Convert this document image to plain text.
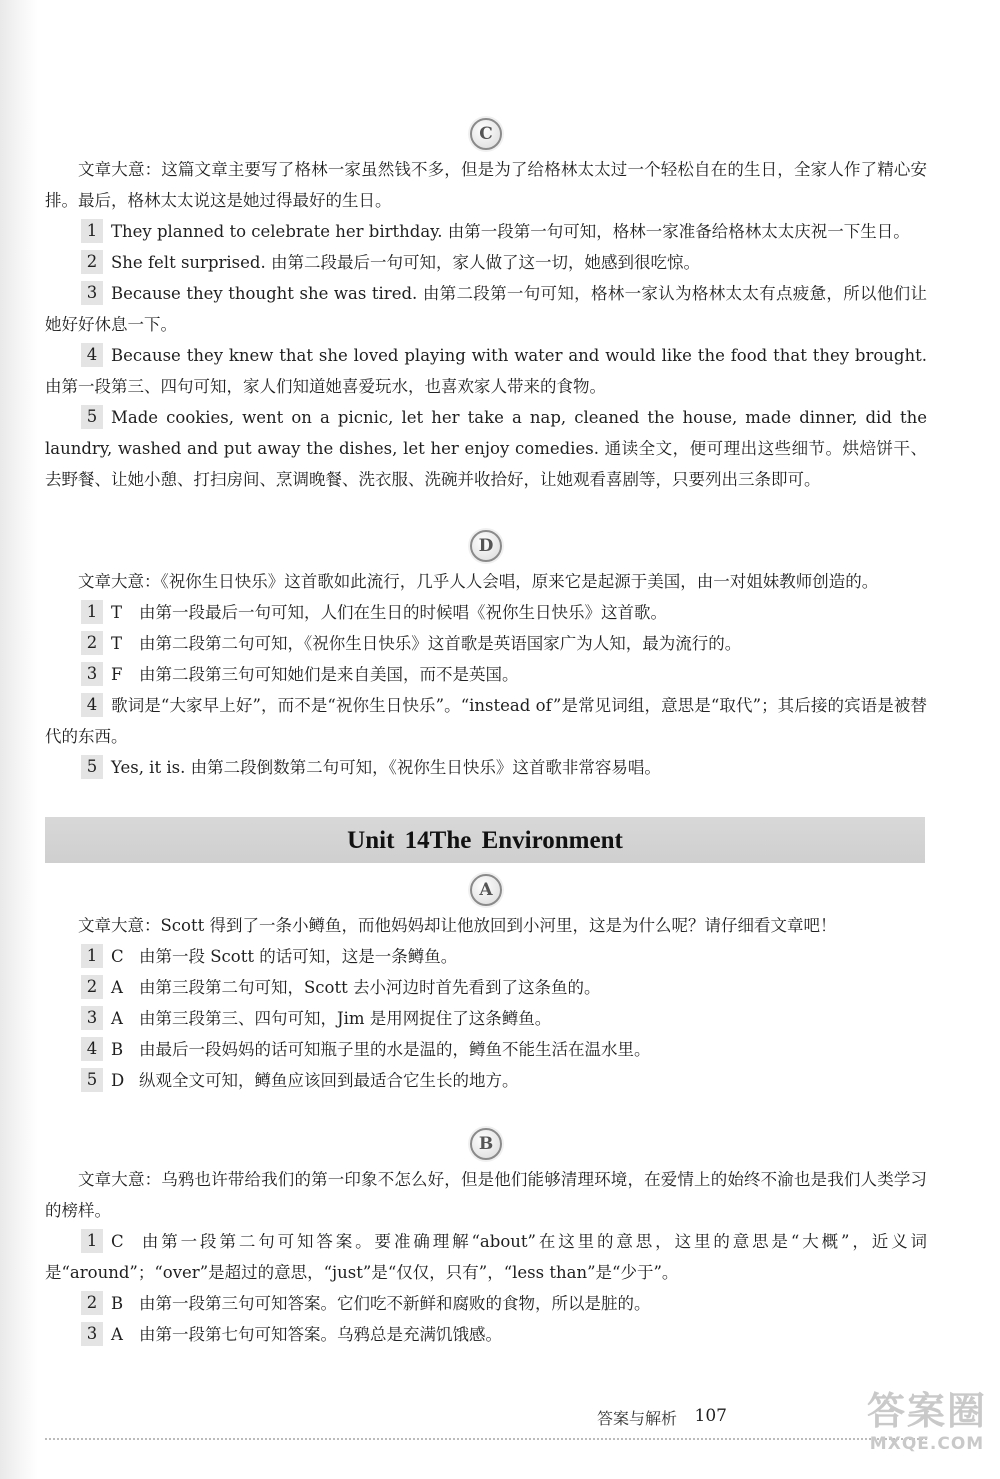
C

文章大意：这篇文章主要写了格林一家虽然钱不多，但是为了给格林太太过一个轻松自在的生日，全家人作了精心安排。最后，格林太太说这是她过得最好的生日。

1 They planned to celebrate her birthday. 由第一段第一句可知，格林一家准备给格林太太庆祝一下生日。

2 She felt surprised. 由第二段最后一句可知，家人做了这一切，她感到很吃惊。

3 Because they thought she was tired. 由第二段第一句可知，格林一家认为格林太太有点疲惫，所以他们让她好好休息一下。

4 Because they knew that she loved playing with water and would like the food that they brought. 由第一段第三、四句可知，家人们知道她喜爱玩水，也喜欢家人带来的食物。

5 Made cookies, went on a picnic, let her take a nap, cleaned the house, made dinner, did the laundry, washed and put away the dishes, let her enjoy comedies. 通读全文，便可理出这些细节。烘焙饼干、去野餐、让她小憩、打扫房间、烹调晚餐、洗衣服、洗碗并收拾好，让她观看喜剧等，只要列出三条即可。

D

文章大意：《祝你生日快乐》这首歌如此流行，几乎人人会唱，原来它是起源于美国，由一对姐妹教师创造的。

1 T 由第一段最后一句可知，人们在生日的时候唱《祝你生日快乐》这首歌。

2 T 由第二段第二句可知，《祝你生日快乐》这首歌是英语国家广为人知，最为流行的。

3 F 由第二段第三句可知她们是来自美国，而不是英国。

4 歌词是“大家早上好”，而不是“祝你生日快乐”。“instead of”是常见词组，意思是“取代”；其后接的宾语是被替代的东西。

5 Yes, it is. 由第二段倒数第二句可知，《祝你生日快乐》这首歌非常容易唱。

Unit 14The Environment
A

文章大意：Scott 得到了一条小鳟鱼，而他妈妈却让他放回到小河里，这是为什么呢？请仔细看文章吧！

1 C 由第一段 Scott 的话可知，这是一条鳟鱼。

2 A 由第三段第二句可知，Scott 去小河边时首先看到了这条鱼的。

3 A 由第三段第三、四句可知，Jim 是用网捉住了这条鳟鱼。

4 B 由最后一段妈妈的话可知瓶子里的水是温的，鳟鱼不能生活在温水里。

5 D 纵观全文可知，鳟鱼应该回到最适合它生长的地方。

B

文章大意：乌鸦也许带给我们的第一印象不怎么好，但是他们能够清理环境，在爱情上的始终不渝也是我们人类学习的榜样。

1 C 由第一段第二句可知答案。要准确理解“about”在这里的意思，这里的意思是“大概”，近义词是“around”；“over”是超过的意思，“just”是“仅仅，只有”，“less than”是“少于”。

2 B 由第一段第三句可知答案。它们吃不新鲜和腐败的食物，所以是脏的。

3 A 由第一段第七句可知答案。乌鸦总是充满饥饿感。

答案与解析 107	答案圈
MXQE.COM
